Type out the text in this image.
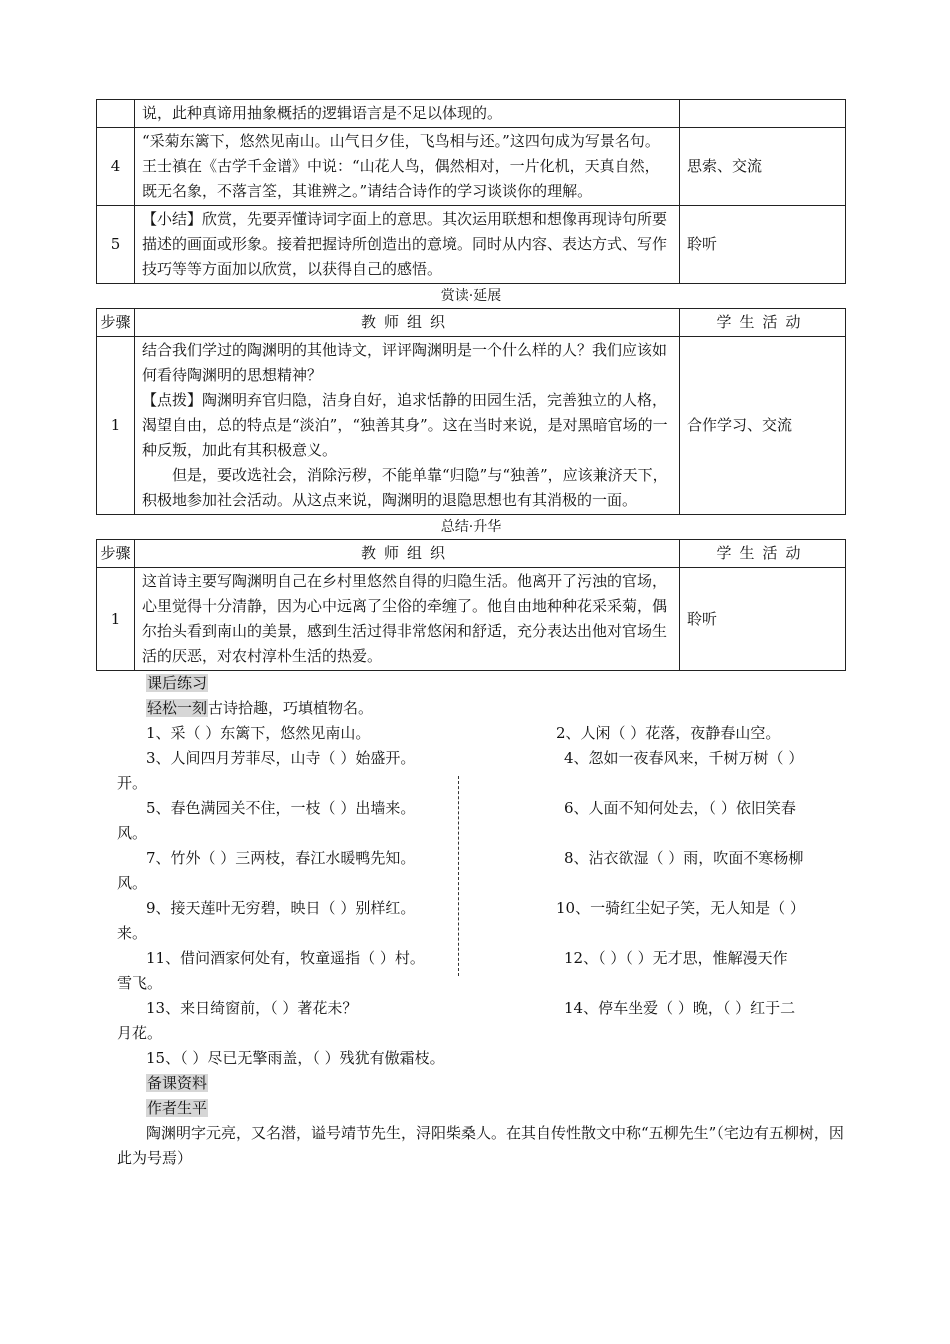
	说，此种真谛用抽象概括的逻辑语言是不足以体现的。	
4	“采菊东篱下，悠然见南山。山气日夕佳，飞鸟相与还。”这四句成为写景名句。王士禛在《古学千金谱》中说：“山花人鸟，偶然相对，一片化机，天真自然，既无名象，不落言筌，其谁辨之。”请结合诗作的学习谈谈你的理解。	思索、交流
5	【小结】欣赏，先要弄懂诗词字面上的意思。其次运用联想和想像再现诗句所要描述的画面或形象。接着把握诗所创造出的意境。同时从内容、表达方式、写作技巧等等方面加以欣赏，以获得自己的感悟。	聆听
赏读·延展
步骤	教师组织	学生活动
1	结合我们学过的陶渊明的其他诗文，评评陶渊明是一个什么样的人？我们应该如何看待陶渊明的思想精神？
【点拨】陶渊明弃官归隐，洁身自好，追求恬静的田园生活，完善独立的人格，渴望自由，总的特点是“淡泊”，“独善其身”。这在当时来说，是对黑暗官场的一种反叛，加此有其积极意义。
但是，要改选社会，消除污秽，不能单靠“归隐”与“独善”，应该兼济天下，积极地参加社会活动。从这点来说，陶渊明的退隐思想也有其消极的一面。	合作学习、交流
总结·升华
步骤	教师组织	学生活动
1	这首诗主要写陶渊明自己在乡村里悠然自得的归隐生活。他离开了污浊的官场，心里觉得十分清静，因为心中远离了尘俗的牵缠了。他自由地种种花采采菊，偶尔抬头看到南山的美景，感到生活过得非常悠闲和舒适，充分表达出他对官场生活的厌恶，对农村淳朴生活的热爱。	聆听
课后练习
轻松一刻古诗拾趣，巧填植物名。
1、采（ ）东篱下，悠然见南山。	2、人闲（ ）花落，夜静春山空。
3、人间四月芳菲尽，山寺（ ）始盛开。	4、忽如一夜春风来，千树万树（ ）
开。
5、春色满园关不住，一枝（ ）出墙来。	6、人面不知何处去，（ ）依旧笑春
风。
7、竹外（ ）三两枝，春江水暖鸭先知。	8、沾衣欲湿（ ）雨，吹面不寒杨柳
风。
9、接天莲叶无穷碧，映日（ ）别样红。	10、一骑红尘妃子笑，无人知是（ ）
来。
11、借问酒家何处有，牧童遥指（ ）村。	12、（ ）（ ）无才思，惟解漫天作
雪飞。
13、来日绮窗前，（ ）著花未？	14、停车坐爱（ ）晚，（ ）红于二
月花。
15、（ ）尽已无擎雨盖，（ ）残犹有傲霜枝。
备课资料
作者生平
陶渊明字元亮，又名潜，谥号靖节先生，浔阳柴桑人。在其自传性散文中称“五柳先生”（宅边有五柳树，因此为号焉）
